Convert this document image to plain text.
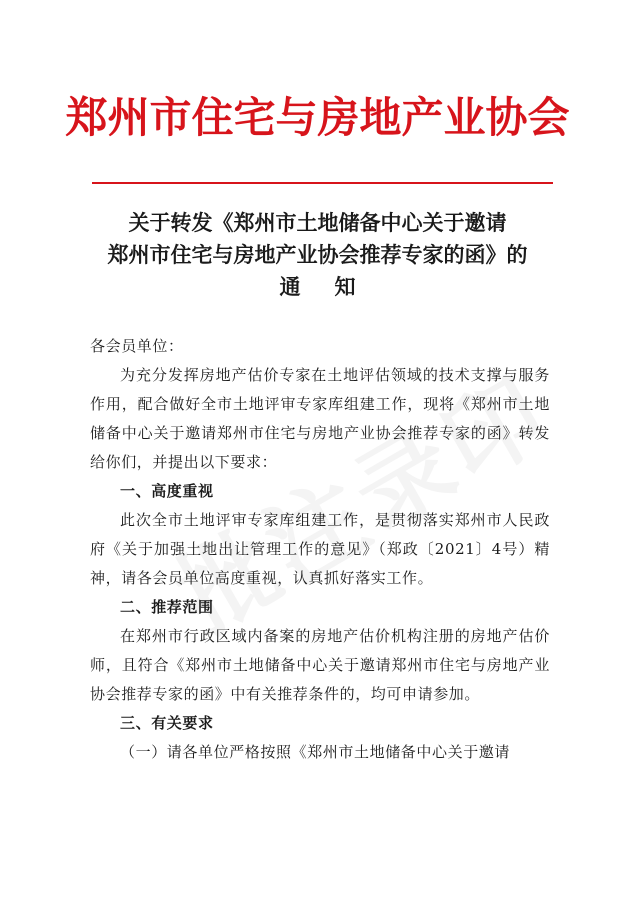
郑州市住宅与房地产业协会
关于转发《郑州市土地储备中心关于邀请
郑州市住宅与房地产业协会推荐专家的函》的
通知

各会员单位：

为充分发挥房地产估价专家在土地评估领域的技术支撑与服务作用，配合做好全市土地评审专家库组建工作，现将《郑州市土地储备中心关于邀请郑州市住宅与房地产业协会推荐专家的函》转发给你们，并提出以下要求：

一、高度重视

此次全市土地评审专家库组建工作，是贯彻落实郑州市人民政府《关于加强土地出让管理工作的意见》（郑政〔2021〕4号）精神，请各会员单位高度重视，认真抓好落实工作。

二、推荐范围

在郑州市行政区域内备案的房地产估价机构注册的房地产估价师，且符合《郑州市土地储备中心关于邀请郑州市住宅与房地产业协会推荐专家的函》中有关推荐条件的，均可申请参加。

三、有关要求

（一）请各单位严格按照《郑州市土地储备中心关于邀请
